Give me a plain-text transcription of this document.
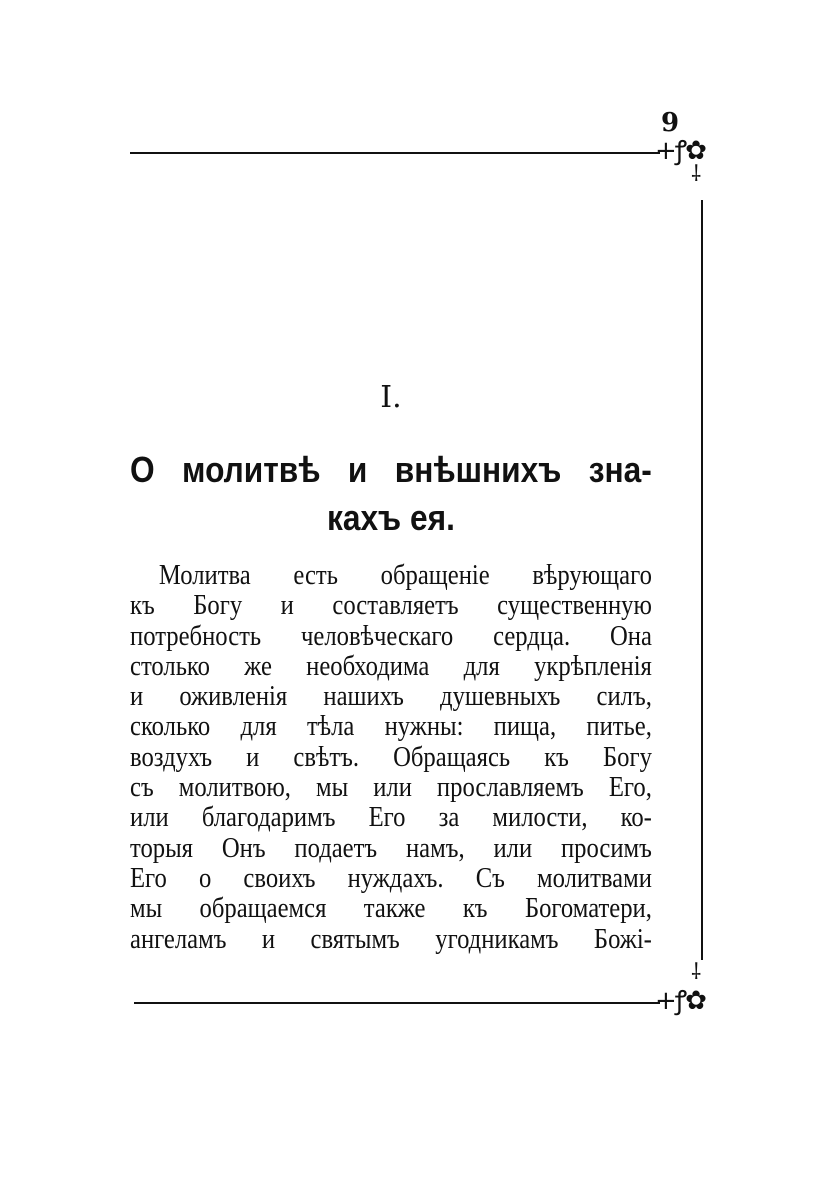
9
+ꝭ✿
⸸
⸸
+ꝭ✿
I.
О молитвѣ и внѣшнихъ зна-
кахъ ея.
Молитва есть обращеніе вѣрующаго
къ Богу и составляетъ существенную
потребность человѣческаго сердца. Она
столько же необходима для укрѣпленія
и оживленія нашихъ душевныхъ силъ,
сколько для тѣла нужны: пища, питье,
воздухъ и свѣтъ. Обращаясь къ Богу
съ молитвою, мы или прославляемъ Его,
или благодаримъ Его за милости, ко-
торыя Онъ подаетъ намъ, или просимъ
Его о своихъ нуждахъ. Съ молитвами
мы обращаемся также къ Богоматери,
ангеламъ и святымъ угодникамъ Божі-
